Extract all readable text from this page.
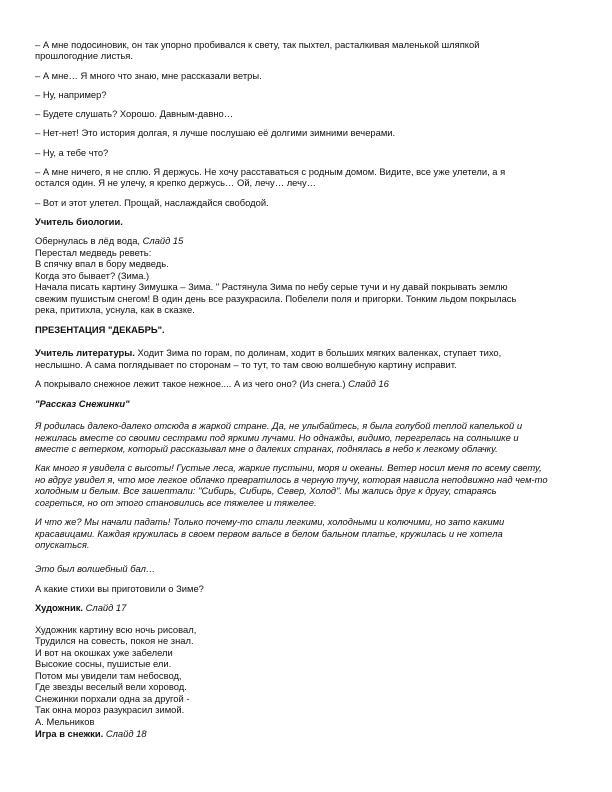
– А мне подосиновик, он так упорно пробивался к свету, так пыхтел, расталкивая маленькой шляпкой
прошлогодние листья.
– А мне… Я много что знаю, мне рассказали ветры.
– Ну, например?
– Будете слушать? Хорошо. Давным-давно…
– Нет-нет! Это история долгая, я лучше послушаю её долгими зимними вечерами.
– Ну, а тебе что?
– А мне ничего, я не сплю. Я держусь. Не хочу расставаться с родным домом. Видите, все уже улетели, а я
остался один. Я не улечу, я крепко держусь… Ой, лечу… лечу…
– Вот и этот улетел. Прощай, наслаждайся свободой.
Учитель биологии.
Обернулась в лёд вода, Слайд 15
Перестал медведь реветь:
В спячку впал в бору медведь.
Когда это бывает? (Зима.)
Начала писать картину Зимушка – Зима. " Растянула Зима по небу серые тучи и ну давай покрывать землю
свежим пушистым снегом! В один день все разукрасила. Побелели поля и пригорки. Тонким льдом покрылась
река, притихла, уснула, как в сказке.
ПРЕЗЕНТАЦИЯ "ДЕКАБРЬ".
Учитель литературы. Ходит Зима по горам, по долинам, ходит в больших мягких валенках, ступает тихо,
неслышно. А сама поглядывает по сторонам – то тут, то там свою волшебную картину исправит.
А покрывало снежное лежит такое нежное.... А из чего оно? (Из снега.) Слайд 16
"Рассказ Снежинки"
Я родилась далеко-далеко отсюда в жаркой стране. Да, не улыбайтесь, я была голубой теплой капелькой и
нежилась вместе со своими сестрами под яркими лучами. Но однажды, видимо, перегрелась на солнышке и
вместе с ветерком, который рассказывал мне о далеких странах, поднялась в небо к легкому облачку.
Как много я увидела с высоты! Густые леса, жаркие пустыни, моря и океаны. Ветер носил меня по всему свету,
но вдруг увидел я, что мое легкое облачко превратилось в черную тучу, которая нависла неподвижно над чем-то
холодным и белым. Все зашептали: "Сибирь, Сибирь, Север, Холод". Мы жались друг к другу, стараясь
согреться, но от этого становились все тяжелее и тяжелее.
И что же? Мы начали падать! Только почему-то стали легкими, холодными и колючими, но зато какими
красавицами. Каждая кружилась в своем первом вальсе в белом бальном платье, кружилась и не хотела
опускаться.
Это был волшебный бал…
А какие стихи вы приготовили о Зиме?
Художник. Слайд 17
Художник картину всю ночь рисовал,
Трудился на совесть, покоя не знал.
И вот на окошках уже забелели
Высокие сосны, пушистые ели.
Потом мы увидели там небосвод,
Где звезды веселый вели хоровод.
Снежинки порхали одна за другой -
Так окна мороз разукрасил зимой.
А. Мельников
Игра в снежки. Слайд 18
